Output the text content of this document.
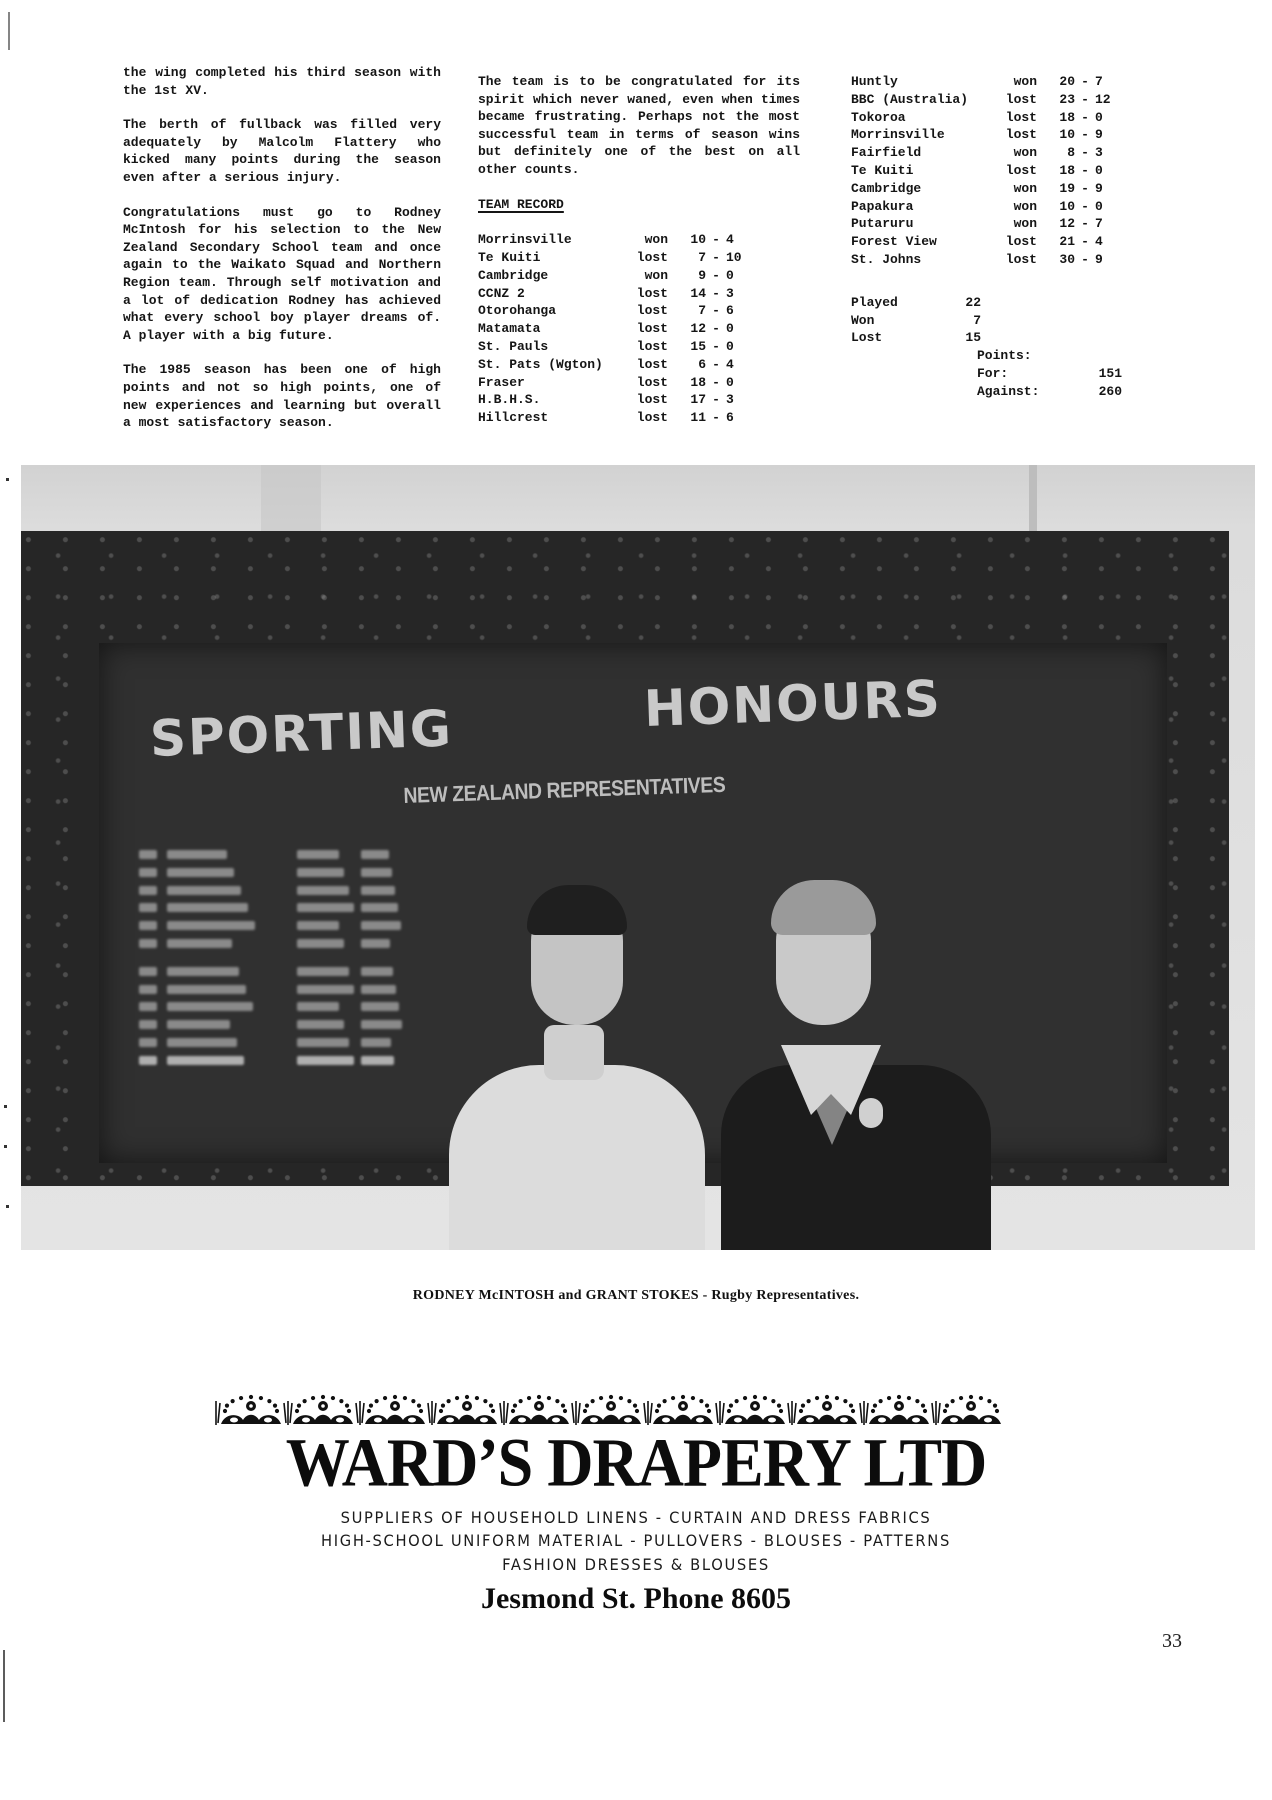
the wing completed his third season with the 1st XV.

The berth of fullback was filled very adequately by Malcolm Flattery who kicked many points during the season even after a serious injury.

Congratulations must go to Rodney McIntosh for his selection to the New Zealand Secondary School team and once again to the Waikato Squad and Northern Region team. Through self motivation and a lot of dedication Rodney has achieved what every school boy player dreams of. A player with a big future.

The 1985 season has been one of high points and not so high points, one of new experiences and learning but overall a most satisfactory season.

The team is to be congratulated for its spirit which never waned, even when times became frustrating. Perhaps not the most successful team in terms of season wins but definitely one of the best on all other counts.

TEAM RECORD
Morrinsville	won	10	-	4
Te Kuiti	lost	7	-	10
Cambridge	won	9	-	0
CCNZ 2	lost	14	-	3
Otorohanga	lost	7	-	6
Matamata	lost	12	-	0
St. Pauls	lost	15	-	0
St. Pats (Wgton)	lost	6	-	4
Fraser	lost	18	-	0
H.B.H.S.	lost	17	-	3
Hillcrest	lost	11	-	6
Huntly	won	20	-	7
BBC (Australia)	lost	23	-	12
Tokoroa	lost	18	-	0
Morrinsville	lost	10	-	9
Fairfield	won	8	-	3
Te Kuiti	lost	18	-	0
Cambridge	won	19	-	9
Papakura	won	10	-	0
Putaruru	won	12	-	7
Forest View	lost	21	-	4
St. Johns	lost	30	-	9
Played	22
Won	7
Lost	15
Points:
For:	151
Against:	260
SPORTING	HONOURS
NEW ZEALAND REPRESENTATIVES
RODNEY McINTOSH and GRANT STOKES - Rugby Representatives.
WARD’S DRAPERY LTD
SUPPLIERS OF HOUSEHOLD LINENS - CURTAIN AND DRESS FABRICS
HIGH-SCHOOL UNIFORM MATERIAL - PULLOVERS - BLOUSES - PATTERNS
FASHION DRESSES & BLOUSES
Jesmond St. Phone 8605
33
